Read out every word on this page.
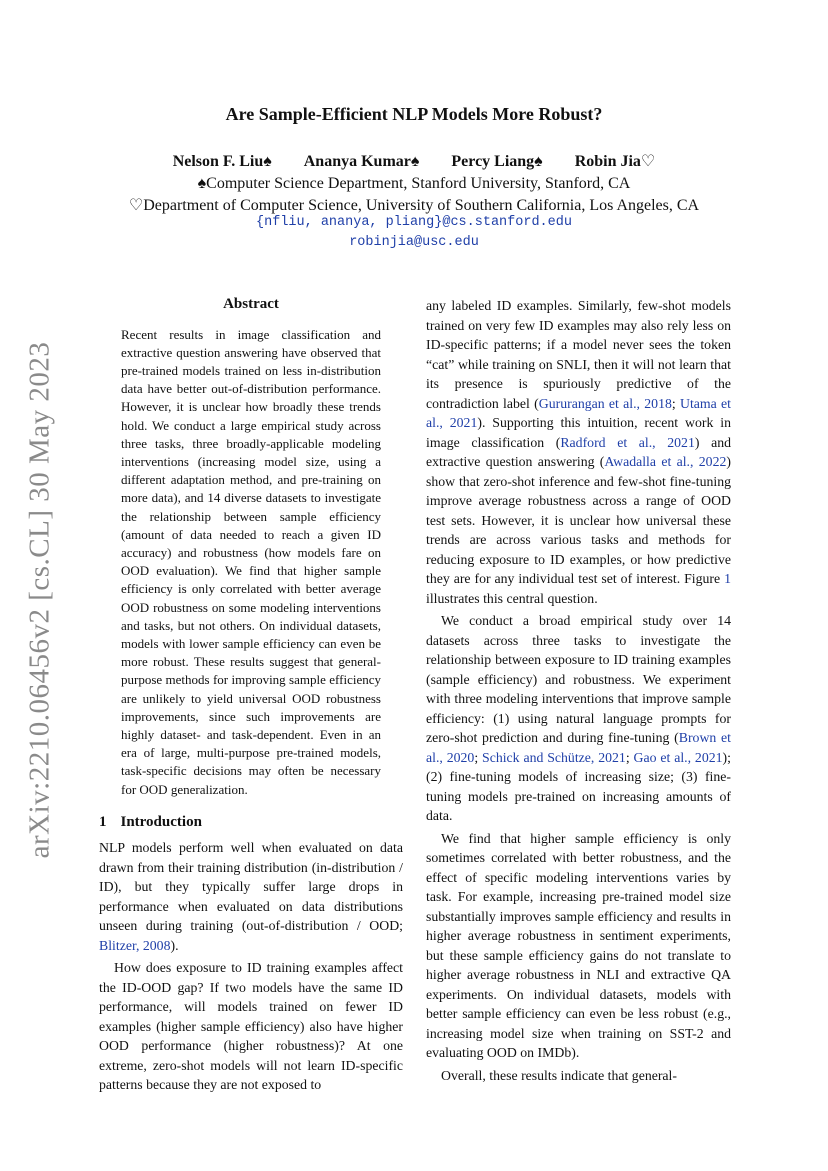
arXiv:2210.06456v2 [cs.CL] 30 May 2023
Are Sample-Efficient NLP Models More Robust?
Nelson F. Liu♠ Ananya Kumar♠ Percy Liang♠ Robin Jia♡
♠Computer Science Department, Stanford University, Stanford, CA
♡Department of Computer Science, University of Southern California, Los Angeles, CA
{nfliu, ananya, pliang}@cs.stanford.edu
robinjia@usc.edu
Abstract
Recent results in image classification and extractive question answering have observed that pre-trained models trained on less in-distribution data have better out-of-distribution performance. However, it is unclear how broadly these trends hold. We conduct a large empirical study across three tasks, three broadly-applicable modeling interventions (increasing model size, using a different adaptation method, and pre-training on more data), and 14 diverse datasets to investigate the relationship between sample efficiency (amount of data needed to reach a given ID accuracy) and robustness (how models fare on OOD evaluation). We find that higher sample efficiency is only correlated with better average OOD robustness on some modeling interventions and tasks, but not others. On individual datasets, models with lower sample efficiency can even be more robust. These results suggest that general-purpose methods for improving sample efficiency are unlikely to yield universal OOD robustness improvements, since such improvements are highly dataset- and task-dependent. Even in an era of large, multi-purpose pre-trained models, task-specific decisions may often be necessary for OOD generalization.
1 Introduction

NLP models perform well when evaluated on data drawn from their training distribution (in-distribution / ID), but they typically suffer large drops in performance when evaluated on data distributions unseen during training (out-of-distribution / OOD; Blitzer, 2008).

How does exposure to ID training examples affect the ID-OOD gap? If two models have the same ID performance, will models trained on fewer ID examples (higher sample efficiency) also have higher OOD performance (higher robustness)? At one extreme, zero-shot models will not learn ID-specific patterns because they are not exposed to

any labeled ID examples. Similarly, few-shot models trained on very few ID examples may also rely less on ID-specific patterns; if a model never sees the token “cat” while training on SNLI, then it will not learn that its presence is spuriously predictive of the contradiction label (Gururangan et al., 2018; Utama et al., 2021). Supporting this intuition, recent work in image classification (Radford et al., 2021) and extractive question answering (Awadalla et al., 2022) show that zero-shot inference and few-shot fine-tuning improve average robustness across a range of OOD test sets. However, it is unclear how universal these trends are across various tasks and methods for reducing exposure to ID examples, or how predictive they are for any individual test set of interest. Figure 1 illustrates this central question.

We conduct a broad empirical study over 14 datasets across three tasks to investigate the relationship between exposure to ID training examples (sample efficiency) and robustness. We experiment with three modeling interventions that improve sample efficiency: (1) using natural language prompts for zero-shot prediction and during fine-tuning (Brown et al., 2020; Schick and Schütze, 2021; Gao et al., 2021); (2) fine-tuning models of increasing size; (3) fine-tuning models pre-trained on increasing amounts of data.

We find that higher sample efficiency is only sometimes correlated with better robustness, and the effect of specific modeling interventions varies by task. For example, increasing pre-trained model size substantially improves sample efficiency and results in higher average robustness in sentiment experiments, but these sample efficiency gains do not translate to higher average robustness in NLI and extractive QA experiments. On individual datasets, models with better sample efficiency can even be less robust (e.g., increasing model size when training on SST-2 and evaluating OOD on IMDb).

Overall, these results indicate that general-
